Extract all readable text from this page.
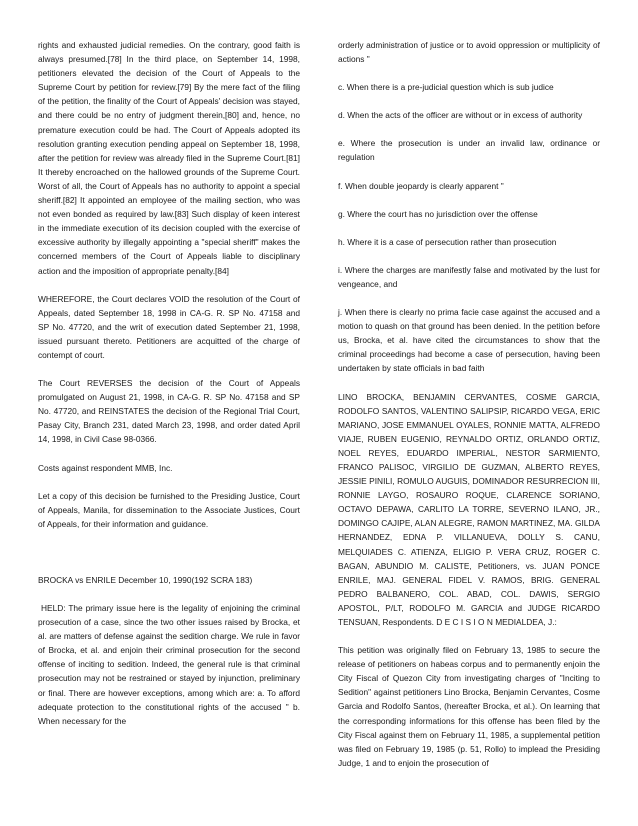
rights and exhausted judicial remedies. On the contrary, good faith is always presumed.[78] In the third place, on September 14, 1998, petitioners elevated the decision of the Court of Appeals to the Supreme Court by petition for review.[79] By the mere fact of the filing of the petition, the finality of the Court of Appeals' decision was stayed, and there could be no entry of judgment therein,[80] and, hence, no premature execution could be had. The Court of Appeals adopted its resolution granting execution pending appeal on September 18, 1998, after the petition for review was already filed in the Supreme Court.[81] It thereby encroached on the hallowed grounds of the Supreme Court. Worst of all, the Court of Appeals has no authority to appoint a special sheriff.[82] It appointed an employee of the mailing section, who was not even bonded as required by law.[83] Such display of keen interest in the immediate execution of its decision coupled with the exercise of excessive authority by illegally appointing a "special sheriff" makes the concerned members of the Court of Appeals liable to disciplinary action and the imposition of appropriate penalty.[84]

WHEREFORE, the Court declares VOID the resolution of the Court of Appeals, dated September 18, 1998 in CA-G. R. SP No. 47158 and SP No. 47720, and the writ of execution dated September 21, 1998, issued pursuant thereto. Petitioners are acquitted of the charge of contempt of court.

The Court REVERSES the decision of the Court of Appeals promulgated on August 21, 1998, in CA-G. R. SP No. 47158 and SP No. 47720, and REINSTATES the decision of the Regional Trial Court, Pasay City, Branch 231, dated March 23, 1998, and order dated April 14, 1998, in Civil Case 98-0366.

Costs against respondent MMB, Inc.

Let a copy of this decision be furnished to the Presiding Justice, Court of Appeals, Manila, for dissemination to the Associate Justices, Court of Appeals, for their information and guidance.

BROCKA vs ENRILE December 10, 1990(192 SCRA 183)

HELD: The primary issue here is the legality of enjoining the criminal prosecution of a case, since the two other issues raised by Brocka, et al. are matters of defense against the sedition charge. We rule in favor of Brocka, et al. and enjoin their criminal prosecution for the second offense of inciting to sedition. Indeed, the general rule is that criminal prosecution may not be restrained or stayed by injunction, preliminary or final. There are however exceptions, among which are: a. To afford adequate protection to the constitutional rights of the accused " b. When necessary for the

orderly administration of justice or to avoid oppression or multiplicity of actions "

c. When there is a pre-judicial question which is sub judice

d. When the acts of the officer are without or in excess of authority

e. Where the prosecution is under an invalid law, ordinance or regulation

f. When double jeopardy is clearly apparent "

g. Where the court has no jurisdiction over the offense

h. Where it is a case of persecution rather than prosecution

i. Where the charges are manifestly false and motivated by the lust for vengeance, and

j. When there is clearly no prima facie case against the accused and a motion to quash on that ground has been denied. In the petition before us, Brocka, et al. have cited the circumstances to show that the criminal proceedings had become a case of persecution, having been undertaken by state officials in bad faith

LINO BROCKA, BENJAMIN CERVANTES, COSME GARCIA, RODOLFO SANTOS, VALENTINO SALIPSIP, RICARDO VEGA, ERIC MARIANO, JOSE EMMANUEL OYALES, RONNIE MATTA, ALFREDO VIAJE, RUBEN EUGENIO, REYNALDO ORTIZ, ORLANDO ORTIZ, NOEL REYES, EDUARDO IMPERIAL, NESTOR SARMIENTO, FRANCO PALISOC, VIRGILIO DE GUZMAN, ALBERTO REYES, JESSIE PINILI, ROMULO AUGUIS, DOMINADOR RESURRECION III, RONNIE LAYGO, ROSAURO ROQUE, CLARENCE SORIANO, OCTAVO DEPAWA, CARLITO LA TORRE, SEVERNO ILANO, JR., DOMINGO CAJIPE, ALAN ALEGRE, RAMON MARTINEZ, MA. GILDA HERNANDEZ, EDNA P. VILLANUEVA, DOLLY S. CANU, MELQUIADES C. ATIENZA, ELIGIO P. VERA CRUZ, ROGER C. BAGAN, ABUNDIO M. CALISTE, Petitioners, vs. JUAN PONCE ENRILE, MAJ. GENERAL FIDEL V. RAMOS, BRIG. GENERAL PEDRO BALBANERO, COL. ABAD, COL. DAWIS, SERGIO APOSTOL, P/LT, RODOLFO M. GARCIA and JUDGE RICARDO TENSUAN, Respondents. D E C I S I O N MEDIALDEA, J.:

This petition was originally filed on February 13, 1985 to secure the release of petitioners on habeas corpus and to permanently enjoin the City Fiscal of Quezon City from investigating charges of "Inciting to Sedition" against petitioners Lino Brocka, Benjamin Cervantes, Cosme Garcia and Rodolfo Santos, (hereafter Brocka, et al.). On learning that the corresponding informations for this offense has been filed by the City Fiscal against them on February 11, 1985, a supplemental petition was filed on February 19, 1985 (p. 51, Rollo) to implead the Presiding Judge, 1 and to enjoin the prosecution of
